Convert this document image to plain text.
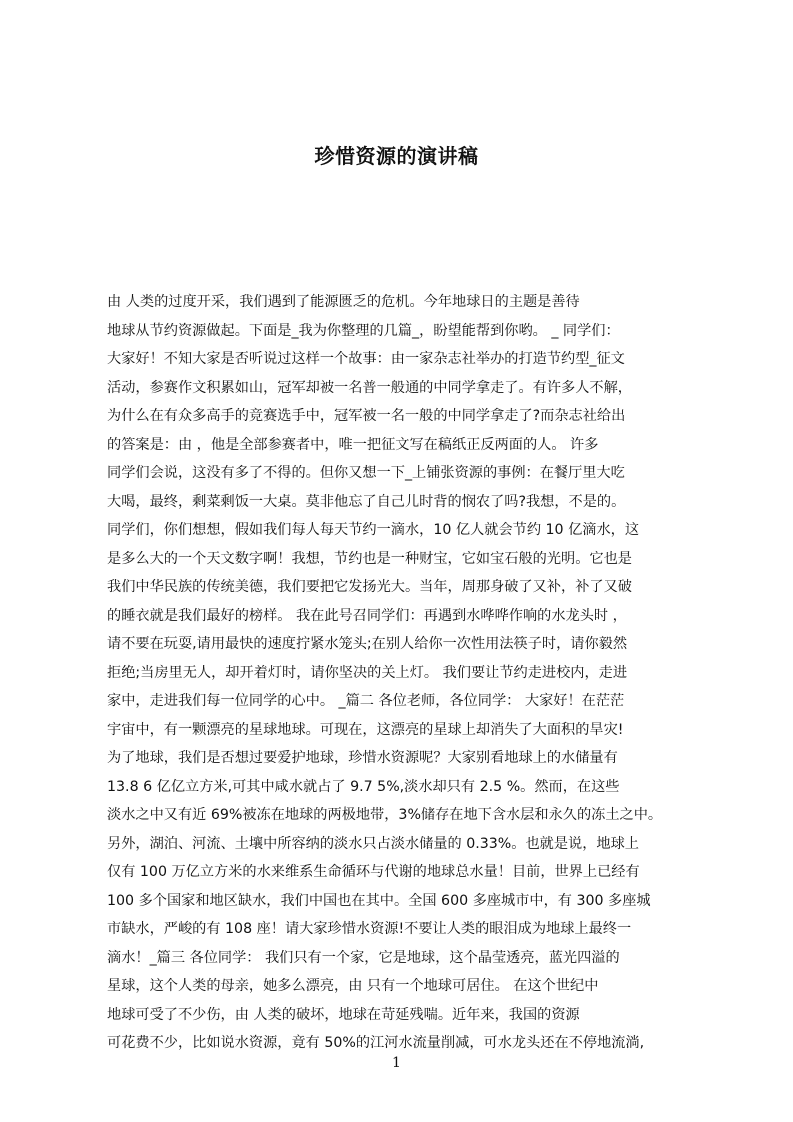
珍惜资源的演讲稿
由 人类的过度开采，我们遇到了能源匮乏的危机。今年地球日的主题是善待
地球从节约资源做起。下面是_我为你整理的几篇_，盼望能帮到你哟。 _ 同学们：
大家好！不知大家是否听说过这样一个故事：由一家杂志社举办的打造节约型_征文
活动，参赛作文积累如山，冠军却被一名普一般通的中同学拿走了。有许多人不解，
为什么在有众多高手的竞赛选手中，冠军被一名一般的中同学拿走了?而杂志社给出
的答案是：由 ，他是全部参赛者中，唯一把征文写在稿纸正反两面的人。 许多
同学们会说，这没有多了不得的。但你又想一下_上铺张资源的事例：在餐厅里大吃
大喝，最终，剩菜剩饭一大桌。莫非他忘了自己儿时背的悯农了吗?我想，不是的。
同学们，你们想想，假如我们每人每天节约一滴水，10 亿人就会节约 10 亿滴水，这
是多么大的一个天文数字啊！我想，节约也是一种财宝，它如宝石般的光明。它也是
我们中华民族的传统美德，我们要把它发扬光大。当年，周那身破了又补，补了又破
的睡衣就是我们最好的榜样。 我在此号召同学们：再遇到水哗哗作响的水龙头时 ，
请不要在玩耍,请用最快的速度拧紧水笼头;在别人给你一次性用法筷子时，请你毅然
拒绝;当房里无人，却开着灯时，请你坚决的关上灯。 我们要让节约走进校内，走进
家中，走进我们每一位同学的心中。 _篇二 各位老师，各位同学： 大家好！在茫茫
宇宙中，有一颗漂亮的星球地球。可现在，这漂亮的星球上却消失了大面积的旱灾!
为了地球，我们是否想过要爱护地球，珍惜水资源呢？大家别看地球上的水储量有
13.8 6 亿亿立方米,可其中咸水就占了 9.7 5%,淡水却只有 2.5 %。然而，在这些
淡水之中又有近 69%被冻在地球的两极地带，3%储存在地下含水层和永久的冻土之中。
另外，湖泊、河流、土壤中所容纳的淡水只占淡水储量的 0.33%。也就是说，地球上
仅有 100 万亿立方米的水来维系生命循环与代谢的地球总水量！目前，世界上已经有
100 多个国家和地区缺水，我们中国也在其中。全国 600 多座城市中，有 300 多座城
市缺水，严峻的有 108 座！请大家珍惜水资源!不要让人类的眼泪成为地球上最终一
滴水！_篇三 各位同学： 我们只有一个家，它是地球，这个晶莹透亮，蓝光四溢的
星球，这个人类的母亲，她多么漂亮，由 只有一个地球可居住。 在这个世纪中
地球可受了不少伤，由 人类的破坏，地球在苛延残喘。近年来，我国的资源
可花费不少，比如说水资源，竟有 50%的江河水流量削减，可水龙头还在不停地流淌,
1
